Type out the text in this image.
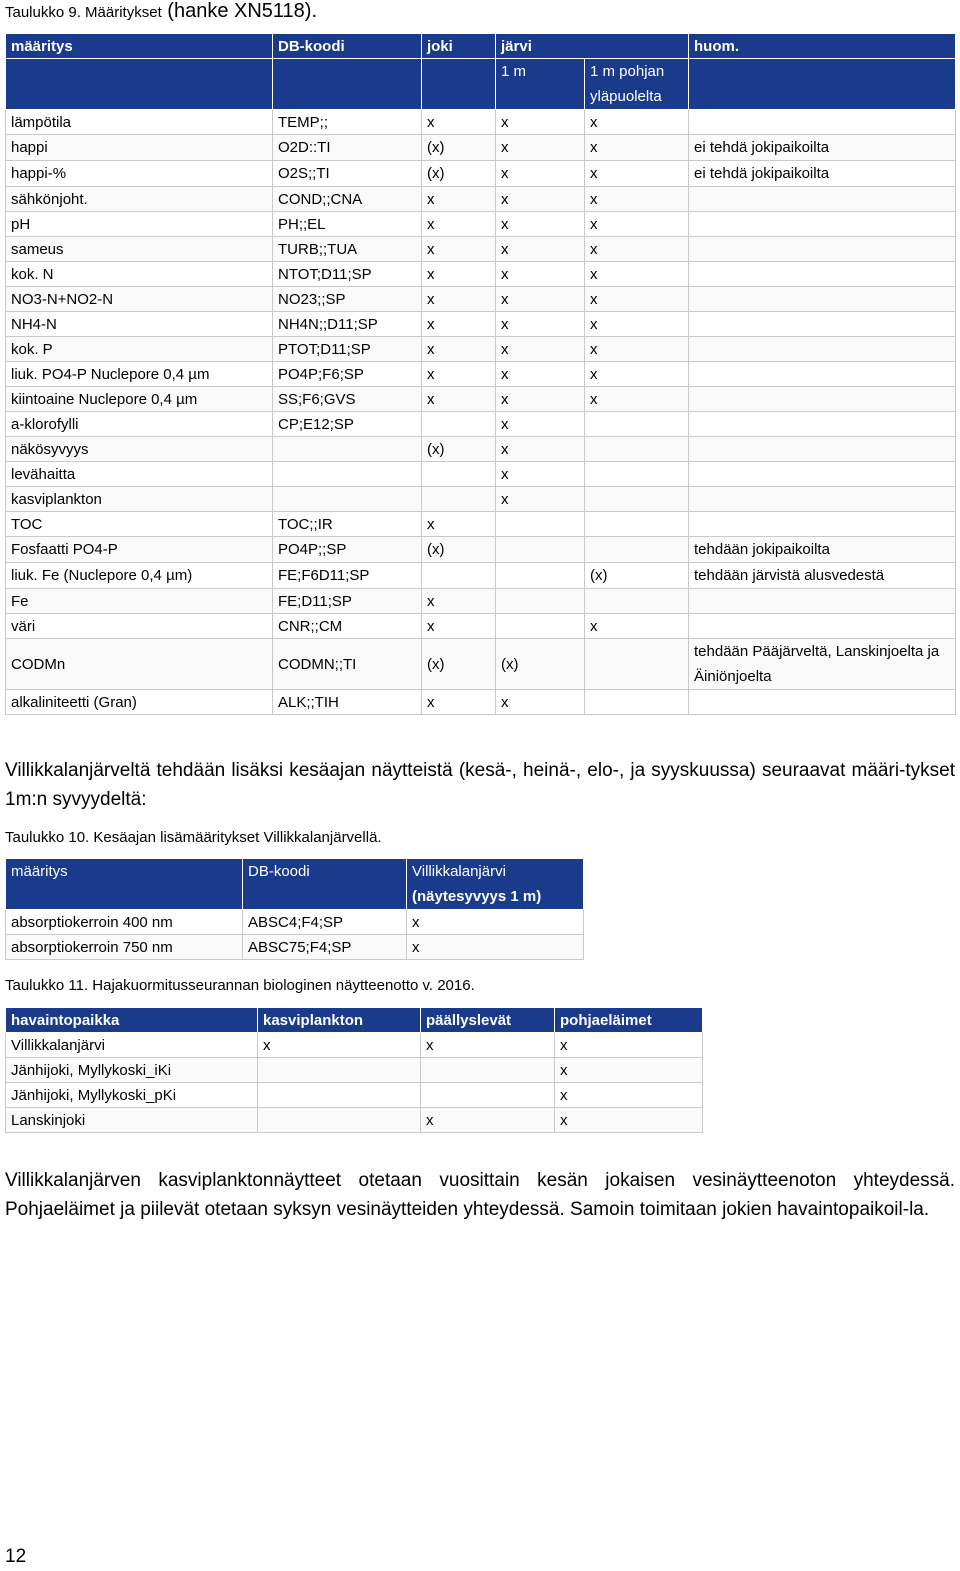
Taulukko 9. Määritykset (hanke XN5118).
määritys	DB-koodi	joki	järvi		huom.
			1 m	1 m pohjan yläpuolelta	
lämpötila	TEMP;;	x	x	x	
happi	O2D::TI	(x)	x	x	ei tehdä jokipaikoilta
happi-%	O2S;;TI	(x)	x	x	ei tehdä jokipaikoilta
sähkönjoht.	COND;;CNA	x	x	x	
pH	PH;;EL	x	x	x	
sameus	TURB;;TUA	x	x	x	
kok. N	NTOT;D11;SP	x	x	x	
NO3-N+NO2-N	NO23;;SP	x	x	x	
NH4-N	NH4N;;D11;SP	x	x	x	
kok. P	PTOT;D11;SP	x	x	x	
liuk. PO4-P Nuclepore 0,4 µm	PO4P;F6;SP	x	x	x	
kiintoaine Nuclepore 0,4 µm	SS;F6;GVS	x	x	x	
a-klorofylli	CP;E12;SP		x		
näkösyvyys		(x)	x		
levähaitta			x		
kasviplankton			x		
TOC	TOC;;IR	x			
Fosfaatti PO4-P	PO4P;;SP	(x)			tehdään jokipaikoilta
liuk. Fe (Nuclepore 0,4 µm)	FE;F6D11;SP			(x)	tehdään järvistä alusvedestä
Fe	FE;D11;SP	x			
väri	CNR;;CM	x		x	
CODMn	CODMN;;TI	(x)	(x)		tehdään Pääjärveltä, Lanskinjoelta ja Äiniönjoelta
alkaliniteetti (Gran)	ALK;;TIH	x	x		

Villikkalanjärveltä tehdään lisäksi kesäajan näytteistä (kesä-, heinä-, elo-, ja syyskuussa) seuraavat määri-tykset 1m:n syvyydeltä:

Taulukko 10. Kesäajan lisämääritykset Villikkalanjärvellä.
määritys	DB-koodi	Villikkalanjärvi
(näytesyvyys 1 m)

absorptiokerroin 400 nm	ABSC4;F4;SP	x
absorptiokerroin 750 nm	ABSC75;F4;SP	x
Taulukko 11. Hajakuormitusseurannan biologinen näytteenotto v. 2016.
havaintopaikka	kasviplankton	päällyslevät	pohjaeläimet
Villikkalanjärvi	x	x	x
Jänhijoki, Myllykoski_iKi			x
Jänhijoki, Myllykoski_pKi			x
Lanskinjoki		x	x

Villikkalanjärven kasviplanktonnäytteet otetaan vuosittain kesän jokaisen vesinäytteenoton yhteydessä. Pohjaeläimet ja piilevät otetaan syksyn vesinäytteiden yhteydessä. Samoin toimitaan jokien havaintopaikoil-la.

12
